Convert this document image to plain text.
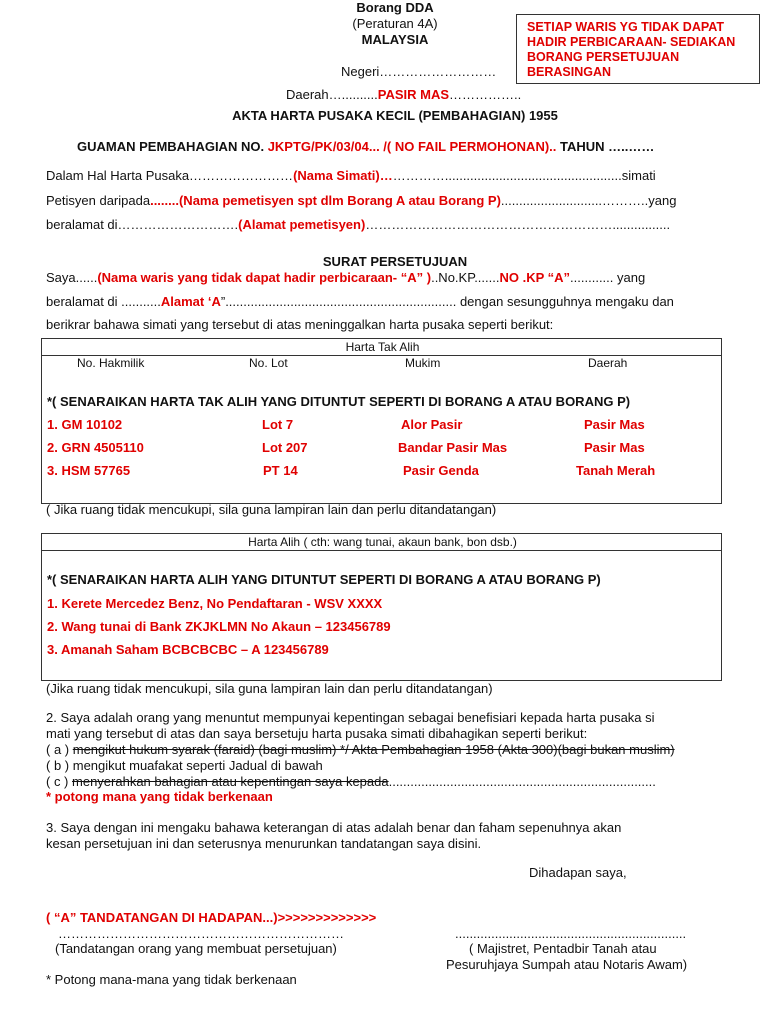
Borang DDA
(Peraturan 4A)
MALAYSIA
Negeri………………………
Daerah…..........PASIR MAS……………..
AKTA HARTA PUSAKA KECIL (PEMBAHAGIAN) 1955
SETIAP WARIS YG TIDAK DAPAT HADIR PERBICARAAN- SEDIAKAN BORANG PERSETUJUAN BERASINGAN
GUAMAN PEMBAHAGIAN NO. JKPTG/PK/03/04... /( NO FAIL PERMOHONAN).. TAHUN …..……
Dalam Hal Harta Pusaka……………………(Nama Simati)…………….................................................simati
Petisyen daripada........(Nama pemetisyen spt dlm Borang A atau Borang P)............................………..yang
beralamat di……………………….(Alamat pemetisyen)…………………………………………………................
SURAT PERSETUJUAN
Saya......(Nama waris yang tidak dapat hadir perbicaraan- “A” )..No.KP.......NO .KP “A”............ yang
beralamat di ...........Alamat ‘A”................................................................ dengan sesungguhnya mengaku dan
berikrar bahawa simati yang tersebut di atas meninggalkan harta pusaka seperti berikut:
Harta Tak Alih
No. Hakmilik	No. Lot	Mukim	Daerah
*( SENARAIKAN HARTA TAK ALIH YANG DITUNTUT SEPERTI DI BORANG A ATAU BORANG P)
1. GM 10102	Lot 7	Alor Pasir	Pasir Mas
2. GRN 4505110	Lot 207	Bandar Pasir Mas	Pasir Mas
3. HSM 57765	PT 14	Pasir Genda	Tanah Merah
( Jika ruang tidak mencukupi, sila guna lampiran lain dan perlu ditandatangan)
Harta Alih ( cth: wang tunai, akaun bank, bon dsb.)
*( SENARAIKAN HARTA ALIH YANG DITUNTUT SEPERTI DI BORANG A ATAU BORANG P)
1. Kerete Mercedez Benz, No Pendaftaran - WSV XXXX
2. Wang tunai di Bank ZKJKLMN No Akaun – 123456789
3. Amanah Saham BCBCBCBC – A 123456789
(Jika ruang tidak mencukupi, sila guna lampiran lain dan perlu ditandatangan)
2. Saya adalah orang yang menuntut mempunyai kepentingan sebagai benefisiari kepada harta pusaka si
mati yang tersebut di atas dan saya bersetuju harta pusaka simati dibahagikan seperti berikut:
( a ) mengikut hukum syarak (faraid) (bagi muslim) */ Akta Pembahagian 1958 (Akta 300)(bagi bukan muslim)
( b ) mengikut muafakat seperti Jadual di bawah
( c ) menyerahkan bahagian atau kepentingan saya kepada..........................................................................
* potong mana yang tidak berkenaan
3. Saya dengan ini mengaku bahawa keterangan di atas adalah benar dan faham sepenuhnya akan
kesan persetujuan ini dan seterusnya menurunkan tandatangan saya disini.
Dihadapan saya,
( “A” TANDATANGAN DI HADAPAN...)>>>>>>>>>>>>>
…………………………………………………………	................................................................
(Tandatangan orang yang membuat persetujuan)	( Majistret, Pentadbir Tanah atau
Pesuruhjaya Sumpah atau Notaris Awam)
* Potong mana-mana yang tidak berkenaan
